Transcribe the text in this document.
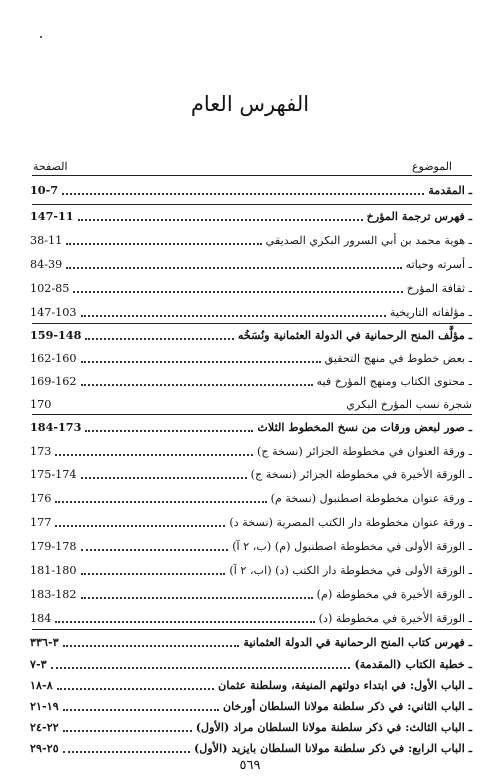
الفهرس العام
الموضوع
الصفحة
ـ المقدمة
10-7
ـ فهرس ترجمة المؤرخ
147-11
ـ هوية محمد بن أبي السرور البكري الصديقي
38-11
ـ أسرته وحياته
84-39
ـ ثقافة المؤرخ
102-85
ـ مؤلفاته التاريخية
147-103
ـ مؤلَّف المنح الرحمانية في الدولة العثمانية ونُسَخُه
159-148
ـ بعض خطوط في منهج التحقيق
162-160
ـ محتوى الكتاب ومنهج المؤرخ فيه
169-162
شجرة نسب المؤرخ البكري
170
ـ صور لبعض ورقات من نسخ المخطوط الثلاث
184-173
ـ ورقة العنوان في مخطوطة الجزائر (نسخة ج)
173
ـ الورقة الأخيرة في مخطوطة الجزائر (نسخة ج)
175-174
ـ ورقة عنوان مخطوطة اصطنبول (نسخة م)
176
ـ ورقة عنوان مخطوطة دار الكتب المصرية (نسخة د)
177
ـ الورقة الأولى في مخطوطة اصطنبول (م) (ب، ٢ آ)
179-178
ـ الورقة الأولى في مخطوطة دار الكتب (د) (اب، ٢ آ)
181-180
ـ الورقة الأخيرة في مخطوطة (م)
183-182
ـ الورقة الأخيرة في مخطوطة (د)
184
ـ فهرس كتاب المنح الرحمانية في الدولة العثمانية
٣-٣٣٦
ـ خطبة الكتاب (المقدمة)
٣-٧
ـ الباب الأول: في ابتداء دولتهم المنيفة، وسلطنة عثمان
٨-١٨
ـ الباب الثاني: في ذكر سلطنة مولانا السلطان أورخان
١٩-٢١
ـ الباب الثالث: في ذكر سلطنة مولانا السلطان مراد (الأول)
٢٢-٢٤
ـ الباب الرابع: في ذكر سلطنة مولانا السلطان بايزيد (الأول)
٢٥-٢٩
٥٦٩
